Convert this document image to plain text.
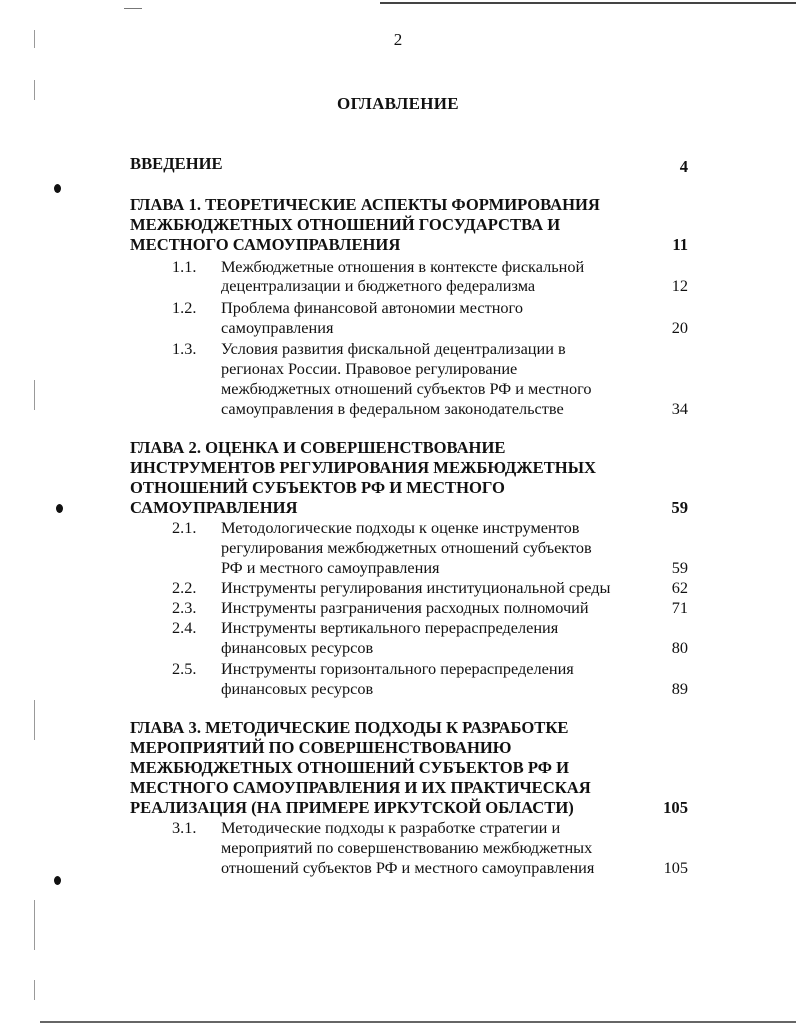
2
ОГЛАВЛЕНИЕ
ВВЕДЕНИЕ	4
ГЛАВА 1. ТЕОРЕТИЧЕСКИЕ АСПЕКТЫ ФОРМИРОВАНИЯ
МЕЖБЮДЖЕТНЫХ ОТНОШЕНИЙ ГОСУДАРСТВА И
МЕСТНОГО САМОУПРАВЛЕНИЯ	11
1.1. Межбюджетные отношения в контексте фискальной
децентрализации и бюджетного федерализма	12
1.2. Проблема финансовой автономии местного
самоуправления	20
1.3. Условия развития фискальной децентрализации в
регионах России. Правовое регулирование
межбюджетных отношений субъектов РФ и местного
самоуправления в федеральном законодательстве	34
ГЛАВА 2. ОЦЕНКА И СОВЕРШЕНСТВОВАНИЕ
ИНСТРУМЕНТОВ РЕГУЛИРОВАНИЯ МЕЖБЮДЖЕТНЫХ
ОТНОШЕНИЙ СУБЪЕКТОВ РФ И МЕСТНОГО
САМОУПРАВЛЕНИЯ	59
2.1. Методологические подходы к оценке инструментов
регулирования межбюджетных отношений субъектов
РФ и местного самоуправления	59
2.2. Инструменты регулирования институциональной среды	62
2.3. Инструменты разграничения расходных полномочий	71
2.4. Инструменты вертикального перераспределения
финансовых ресурсов	80
2.5. Инструменты горизонтального перераспределения
финансовых ресурсов	89
ГЛАВА 3. МЕТОДИЧЕСКИЕ ПОДХОДЫ К РАЗРАБОТКЕ
МЕРОПРИЯТИЙ ПО СОВЕРШЕНСТВОВАНИЮ
МЕЖБЮДЖЕТНЫХ ОТНОШЕНИЙ СУБЪЕКТОВ РФ И
МЕСТНОГО САМОУПРАВЛЕНИЯ И ИХ ПРАКТИЧЕСКАЯ
РЕАЛИЗАЦИЯ (НА ПРИМЕРЕ ИРКУТСКОЙ ОБЛАСТИ)	105
3.1. Методические подходы к разработке стратегии и
мероприятий по совершенствованию межбюджетных
отношений субъектов РФ и местного самоуправления	105
